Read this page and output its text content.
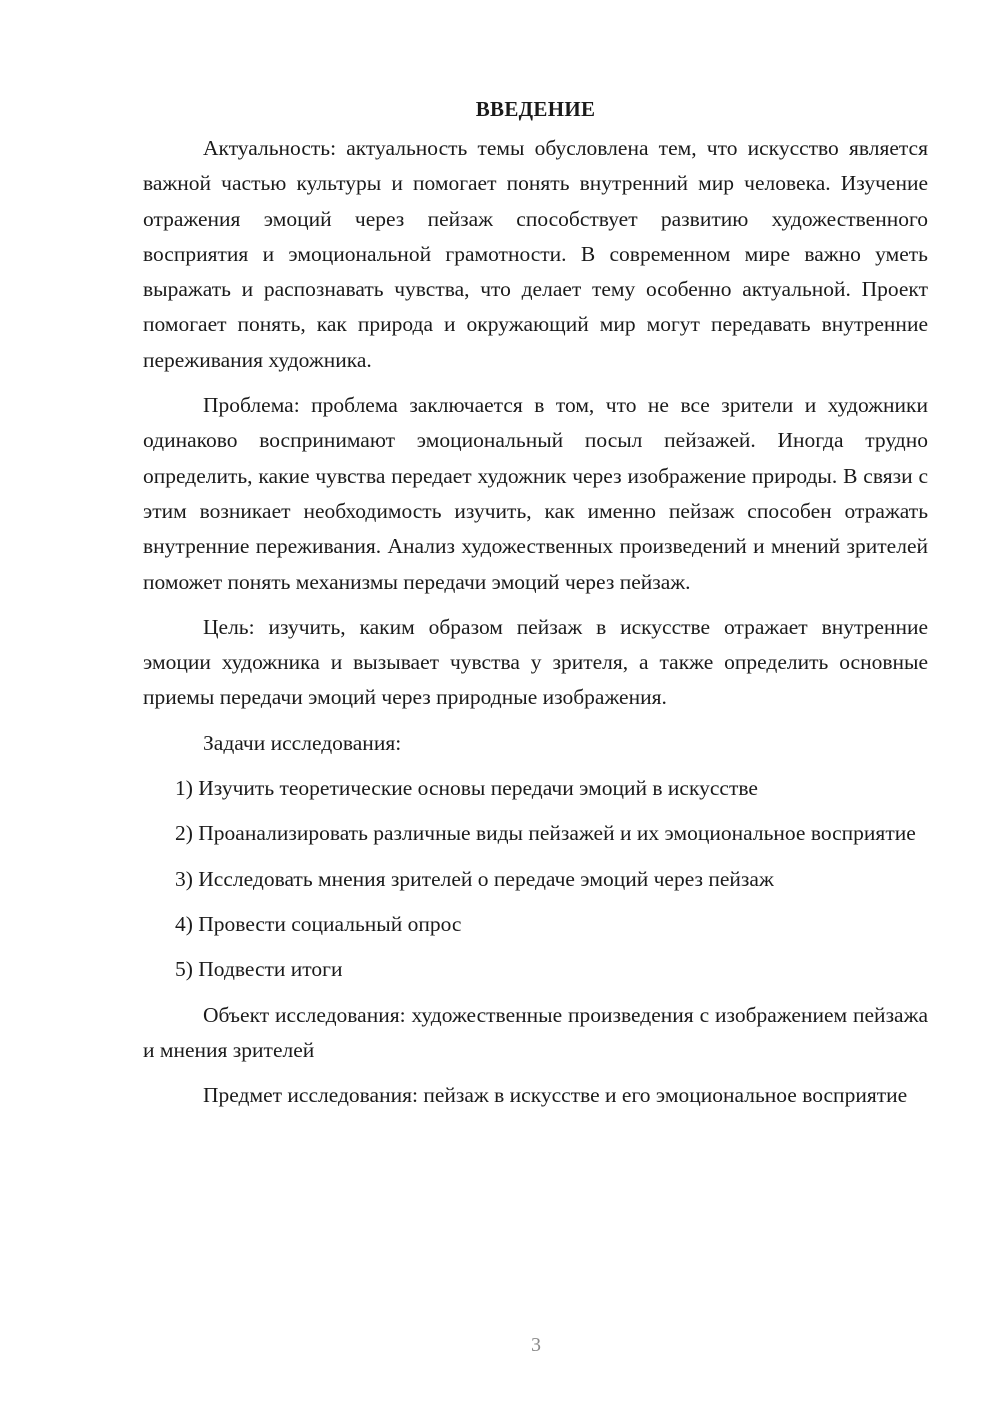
ВВЕДЕНИЕ

Актуальность: актуальность темы обусловлена тем, что искусство является важной частью культуры и помогает понять внутренний мир человека. Изучение отражения эмоций через пейзаж способствует развитию художественного восприятия и эмоциональной грамотности. В современном мире важно уметь выражать и распознавать чувства, что делает тему особенно актуальной. Проект помогает понять, как природа и окружающий мир могут передавать внутренние переживания художника.

Проблема: проблема заключается в том, что не все зрители и художники одинаково воспринимают эмоциональный посыл пейзажей. Иногда трудно определить, какие чувства передает художник через изображение природы. В связи с этим возникает необходимость изучить, как именно пейзаж способен отражать внутренние переживания. Анализ художественных произведений и мнений зрителей поможет понять механизмы передачи эмоций через пейзаж.

Цель: изучить, каким образом пейзаж в искусстве отражает внутренние эмоции художника и вызывает чувства у зрителя, а также определить основные приемы передачи эмоций через природные изображения.

Задачи исследования:

1) Изучить теоретические основы передачи эмоций в искусстве

2) Проанализировать различные виды пейзажей и их эмоциональное восприятие

3) Исследовать мнения зрителей о передаче эмоций через пейзаж

4) Провести социальный опрос

5) Подвести итоги

Объект исследования: художественные произведения с изображением пейзажа и мнения зрителей

Предмет исследования: пейзаж в искусстве и его эмоциональное восприятие

3
